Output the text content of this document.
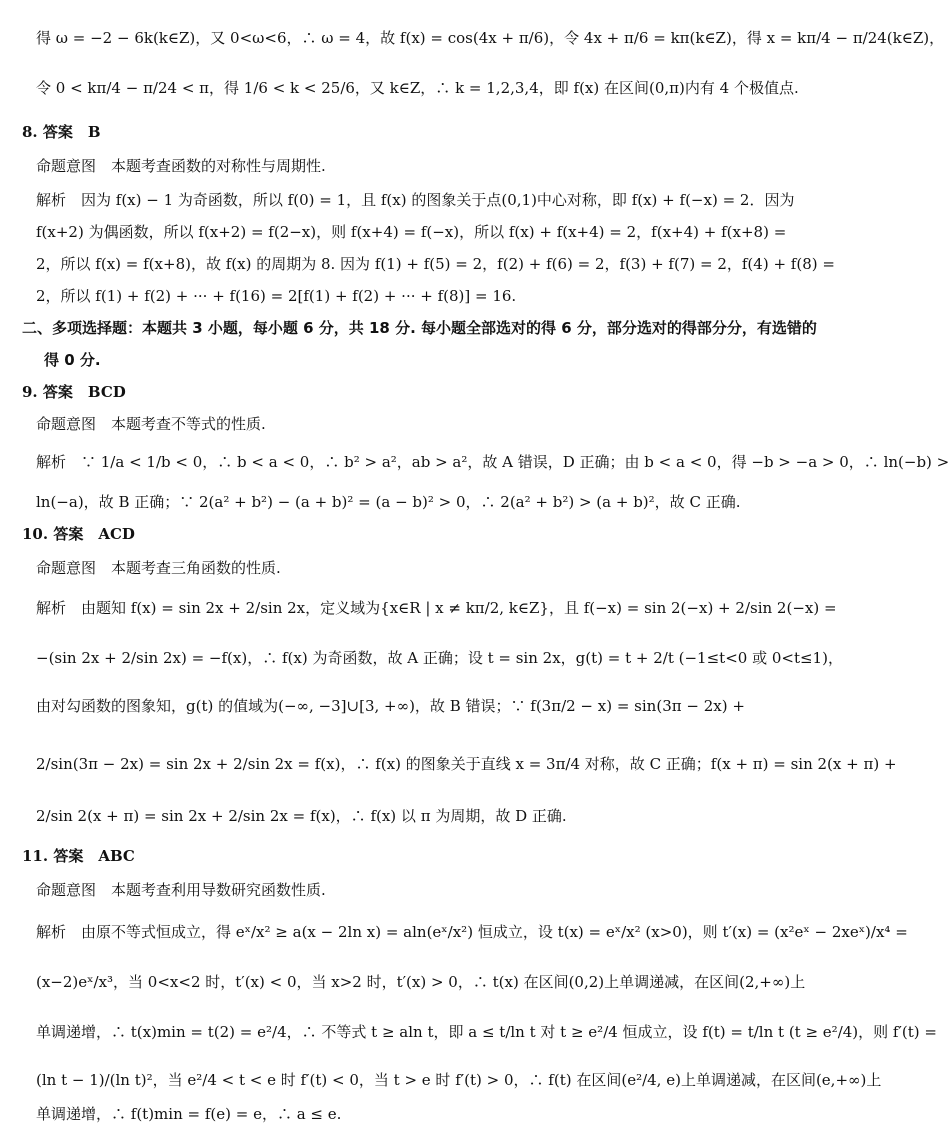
得 ω = −2 − 6k(k∈Z)，又 0<ω<6，∴ ω = 4，故 f(x) = cos(4x + π/6)，令 4x + π/6 = kπ(k∈Z)，得 x = kπ/4 − π/24(k∈Z)，
令 0 < kπ/4 − π/24 < π，得 1/6 < k < 25/6，又 k∈Z，∴ k = 1,2,3,4，即 f(x) 在区间(0,π)内有 4 个极值点.
8. 答案　B
命题意图　本题考查函数的对称性与周期性.
解析　因为 f(x) − 1 为奇函数，所以 f(0) = 1，且 f(x) 的图象关于点(0,1)中心对称，即 f(x) + f(−x) = 2．因为
f(x+2) 为偶函数，所以 f(x+2) = f(2−x)，则 f(x+4) = f(−x)，所以 f(x) + f(x+4) = 2，f(x+4) + f(x+8) =
2，所以 f(x) = f(x+8)，故 f(x) 的周期为 8. 因为 f(1) + f(5) = 2，f(2) + f(6) = 2，f(3) + f(7) = 2，f(4) + f(8) =
2，所以 f(1) + f(2) + ··· + f(16) = 2[f(1) + f(2) + ··· + f(8)] = 16.
二、多项选择题：本题共 3 小题，每小题 6 分，共 18 分. 每小题全部选对的得 6 分，部分选对的得部分分，有选错的
得 0 分.
9. 答案　BCD
命题意图　本题考查不等式的性质.
解析　∵ 1/a < 1/b < 0，∴ b < a < 0，∴ b² > a²，ab > a²，故 A 错误，D 正确；由 b < a < 0，得 −b > −a > 0，∴ ln(−b) >
ln(−a)，故 B 正确；∵ 2(a² + b²) − (a + b)² = (a − b)² > 0，∴ 2(a² + b²) > (a + b)²，故 C 正确.
10. 答案　ACD
命题意图　本题考查三角函数的性质.
解析　由题知 f(x) = sin 2x + 2/sin 2x，定义域为{x∈R | x ≠ kπ/2, k∈Z}，且 f(−x) = sin 2(−x) + 2/sin 2(−x) =
−(sin 2x + 2/sin 2x) = −f(x)，∴ f(x) 为奇函数，故 A 正确；设 t = sin 2x，g(t) = t + 2/t (−1≤t<0 或 0<t≤1)，
由对勾函数的图象知，g(t) 的值域为(−∞, −3]∪[3, +∞)，故 B 错误；∵ f(3π/2 − x) = sin(3π − 2x) +
2/sin(3π − 2x) = sin 2x + 2/sin 2x = f(x)，∴ f(x) 的图象关于直线 x = 3π/4 对称，故 C 正确；f(x + π) = sin 2(x + π) +
2/sin 2(x + π) = sin 2x + 2/sin 2x = f(x)，∴ f(x) 以 π 为周期，故 D 正确.
11. 答案　ABC
命题意图　本题考查利用导数研究函数性质.
解析　由原不等式恒成立，得 eˣ/x² ≥ a(x − 2ln x) = aln(eˣ/x²) 恒成立，设 t(x) = eˣ/x² (x>0)，则 t′(x) = (x²eˣ − 2xeˣ)/x⁴ =
(x−2)eˣ/x³，当 0<x<2 时，t′(x) < 0，当 x>2 时，t′(x) > 0，∴ t(x) 在区间(0,2)上单调递减，在区间(2,+∞)上
单调递增，∴ t(x)min = t(2) = e²/4，∴ 不等式 t ≥ aln t，即 a ≤ t/ln t 对 t ≥ e²/4 恒成立，设 f(t) = t/ln t (t ≥ e²/4)，则 f′(t) =
(ln t − 1)/(ln t)²，当 e²/4 < t < e 时 f′(t) < 0，当 t > e 时 f′(t) > 0，∴ f(t) 在区间(e²/4, e)上单调递减，在区间(e,+∞)上
单调递增，∴ f(t)min = f(e) = e，∴ a ≤ e.
